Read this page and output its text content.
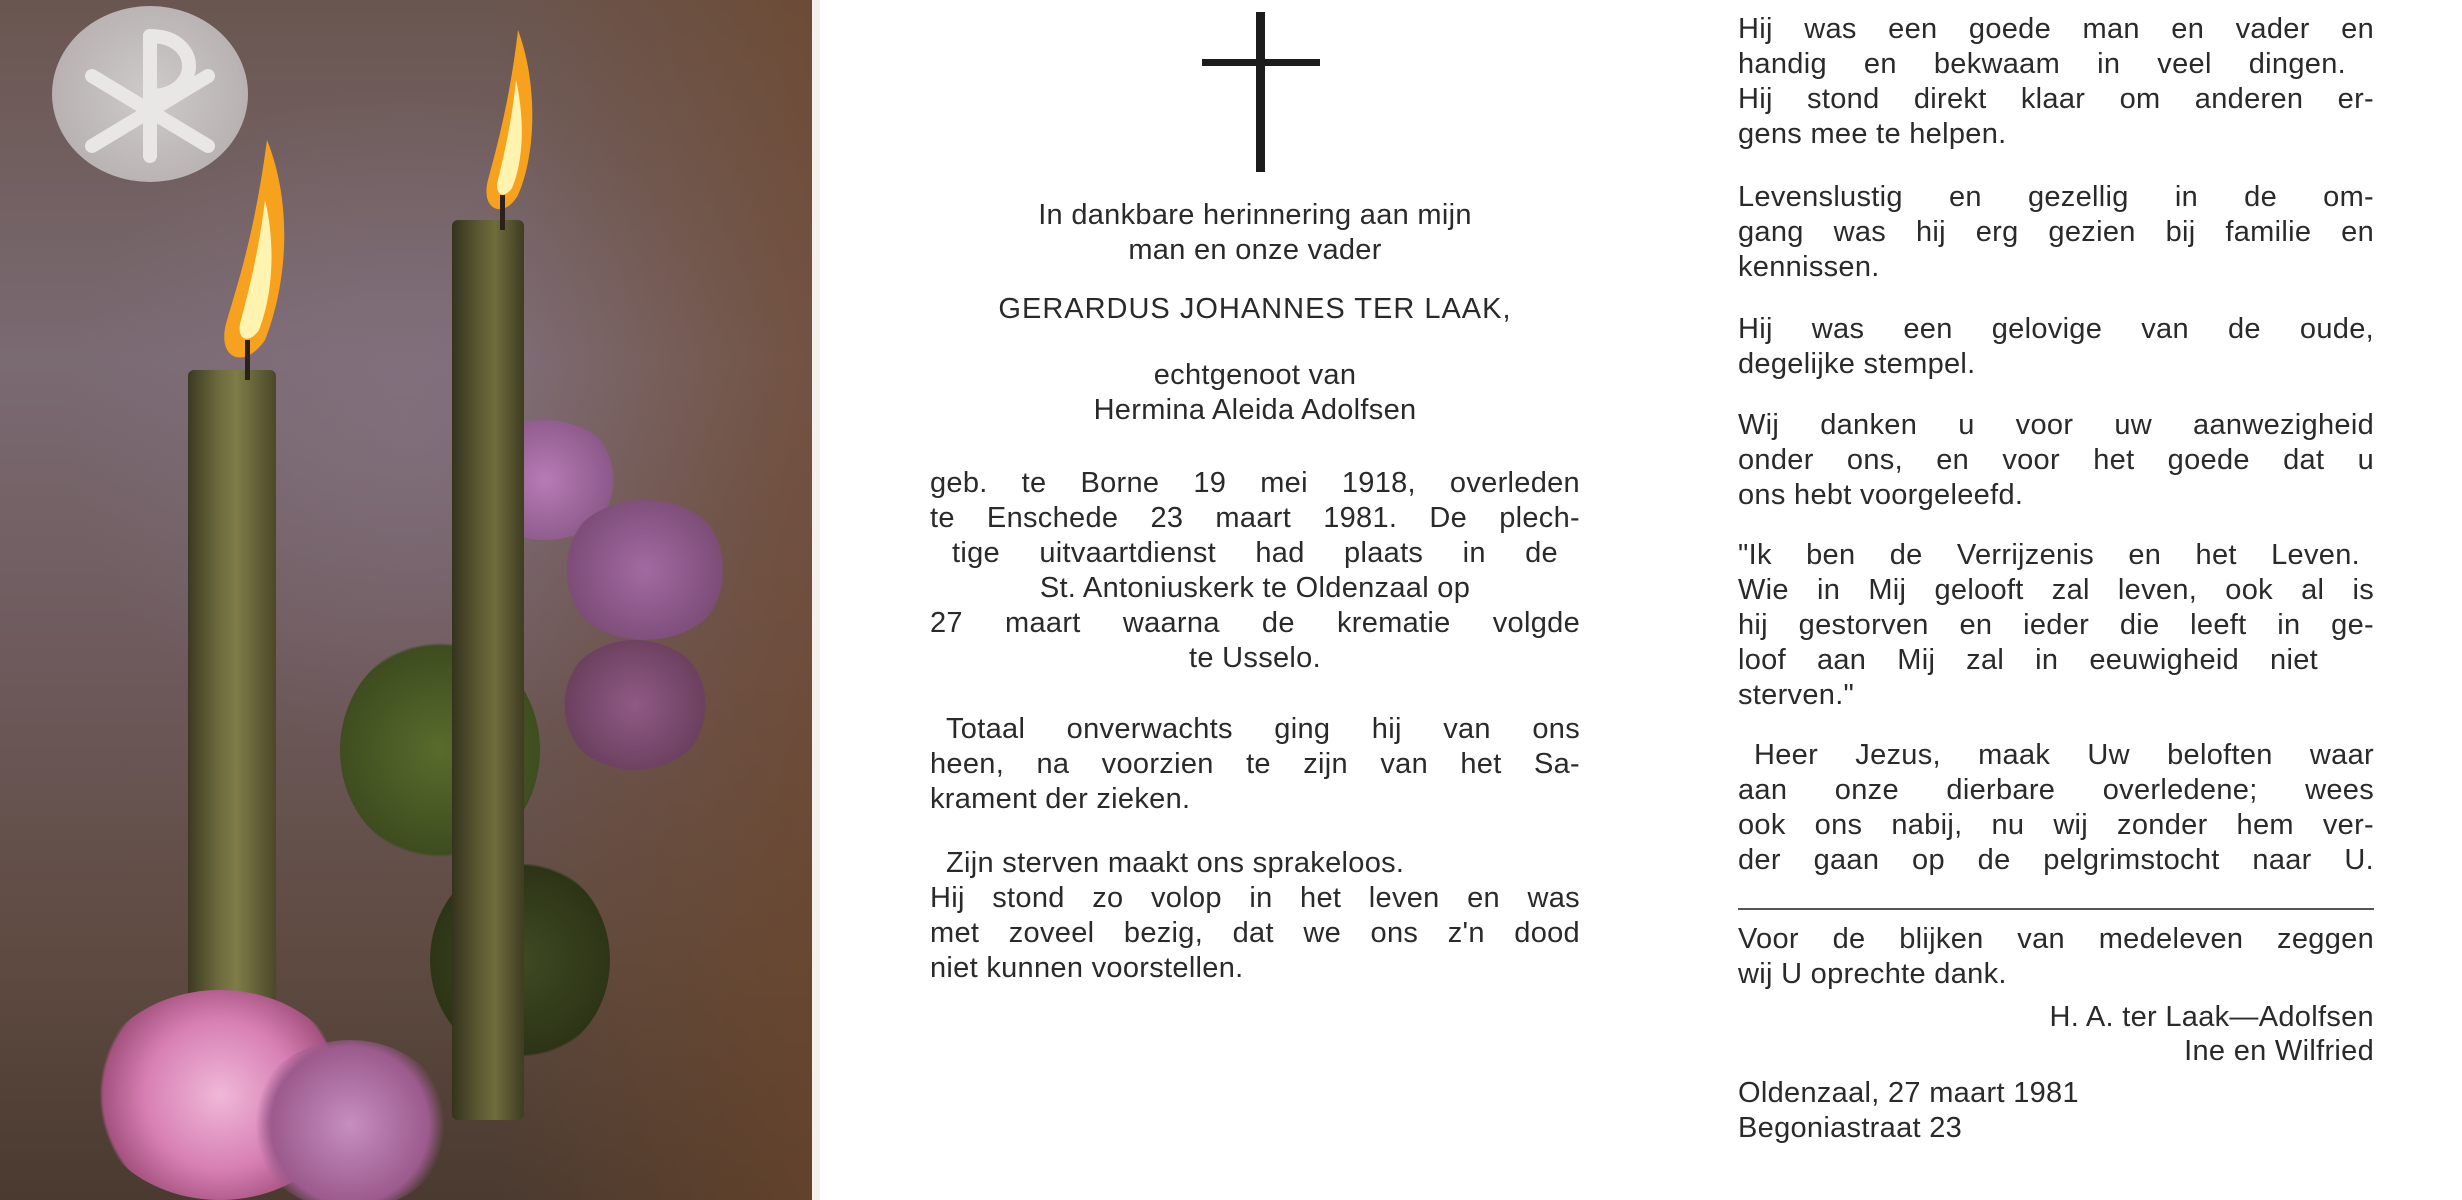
In dankbare herinnering aan mijn
man en onze vader

GERARDUS JOHANNES TER LAAK,

echtgenoot van
Hermina Aleida Adolfsen

geb. te Borne 19 mei 1918, overleden
te Enschede 23 maart 1981. De plech-
tige uitvaartdienst had plaats in de
St. Antoniuskerk te Oldenzaal op
27 maart waarna de krematie volgde
te Usselo.

Totaal onverwachts ging hij van ons
heen, na voorzien te zijn van het Sa-
krament der zieken.

Zijn sterven maakt ons sprakeloos.
Hij stond zo volop in het leven en was
met zoveel bezig, dat we ons z'n dood
niet kunnen voorstellen.

Hij was een goede man en vader en
handig en bekwaam in veel dingen.
Hij stond direkt klaar om anderen er-
gens mee te helpen.

Levenslustig en gezellig in de om-
gang was hij erg gezien bij familie en
kennissen.

Hij was een gelovige van de oude,
degelijke stempel.

Wij danken u voor uw aanwezigheid
onder ons, en voor het goede dat u
ons hebt voorgeleefd.

"Ik ben de Verrijzenis en het Leven.
Wie in Mij gelooft zal leven, ook al is
hij gestorven en ieder die leeft in ge-
loof aan Mij zal in eeuwigheid niet
sterven."

Heer Jezus, maak Uw beloften waar
aan onze dierbare overledene; wees
ook ons nabij, nu wij zonder hem ver-
der gaan op de pelgrimstocht naar U.

Voor de blijken van medeleven zeggen
wij U oprechte dank.

H. A. ter Laak—Adolfsen

Ine en Wilfried

Oldenzaal, 27 maart 1981

Begoniastraat 23
